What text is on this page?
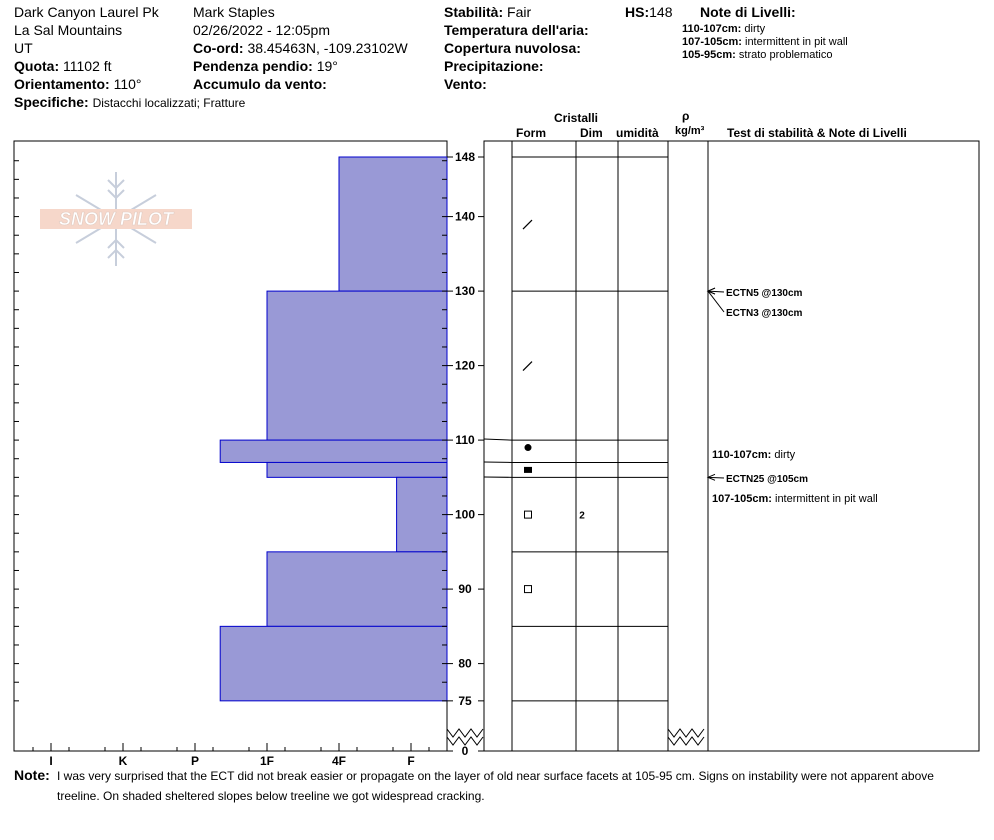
Dark Canyon Laurel Pk
La Sal Mountains
UT
Quota: 11102 ft
Orientamento: 110°
Specifiche: Distacchi localizzati; Fratture
Mark Staples
02/26/2022 - 12:05pm
Co-ord: 38.45463N, -109.23102W
Pendenza pendio: 19°
Accumulo da vento:
Stabilità: Fair
Temperatura dell'aria:
Copertura nuvolosa:
Precipitazione:
Vento:
HS:148 Note di Livelli:
110-107cm: dirty
107-105cm: intermittent in pit wall
105-95cm: strato problematico
Cristalli
Form	Dim umidità
ρ
kg/m³ Test di stabilità & Note di Livelli
SNOW PILOT
148
140
130
120
110
100
90
80
75
0
I	K	P	1F	4F	F
2
ECTN5 @130cm
ECTN3 @130cm
ECTN25 @105cm
110-107cm: dirty
107-105cm: intermittent in pit wall
Note: I was very surprised that the ECT did not break easier or propagate on the layer of old near surface facets at 105-95 cm. Signs on instability were not apparent above
treeline. On shaded sheltered slopes below treeline we got widespread cracking.
